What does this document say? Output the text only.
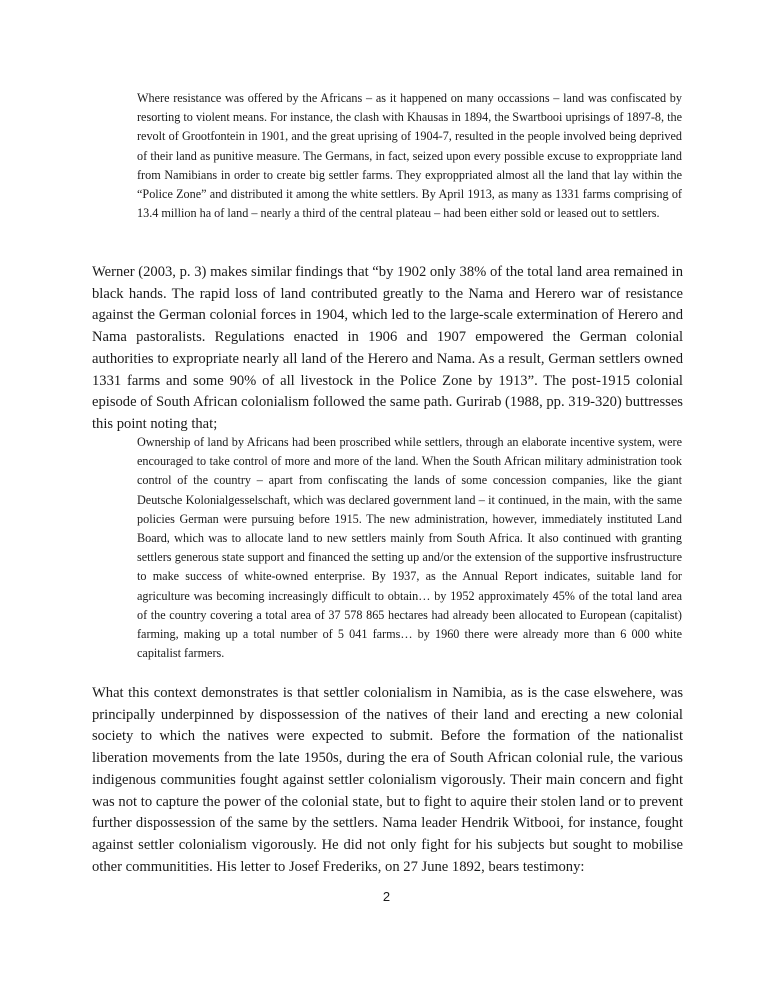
Where resistance was offered by the Africans – as it happened on many occassions – land was confiscated by resorting to violent means. For instance, the clash with Khausas in 1894, the Swartbooi uprisings of 1897-8, the revolt of Grootfontein in 1901, and the great uprising of 1904-7, resulted in the people involved being deprived of their land as punitive measure. The Germans, in fact, seized upon every possible excuse to exproppriate land from Namibians in order to create big settler farms. They exproppriated almost all the land that lay within the “Police Zone” and distributed it among the white settlers. By April 1913, as many as 1331 farms comprising of 13.4 million ha of land – nearly a third of the central plateau – had been either sold or leased out to settlers.

Werner (2003, p. 3) makes similar findings that “by 1902 only 38% of the total land area remained in black hands. The rapid loss of land contributed greatly to the Nama and Herero war of resistance against the German colonial forces in 1904, which led to the large-scale extermination of Herero and Nama pastoralists. Regulations enacted in 1906 and 1907 empowered the German colonial authorities to expropriate nearly all land of the Herero and Nama. As a result, German settlers owned 1331 farms and some 90% of all livestock in the Police Zone by 1913”. The post-1915 colonial episode of South African colonialism followed the same path. Gurirab (1988, pp. 319-320) buttresses this point noting that;

Ownership of land by Africans had been proscribed while settlers, through an elaborate incentive system, were encouraged to take control of more and more of the land. When the South African military administration took control of the country – apart from confiscating the lands of some concession companies, like the giant Deutsche Kolonialgesselschaft, which was declared government land – it continued, in the main, with the same policies German were pursuing before 1915. The new administration, however, immediately instituted Land Board, which was to allocate land to new settlers mainly from South Africa. It also continued with granting settlers generous state support and financed the setting up and/or the extension of the supportive insfrustructure to make success of white-owned enterprise. By 1937, as the Annual Report indicates, suitable land for agriculture was becoming increasingly difficult to obtain… by 1952 approximately 45% of the total land area of the country covering a total area of 37 578 865 hectares had already been allocated to European (capitalist) farming, making up a total number of 5 041 farms… by 1960 there were already more than 6 000 white capitalist farmers.

What this context demonstrates is that settler colonialism in Namibia, as is the case elswehere, was principally underpinned by dispossession of the natives of their land and erecting a new colonial society to which the natives were expected to submit. Before the formation of the nationalist liberation movements from the late 1950s, during the era of South African colonial rule, the various indigenous communities fought against settler colonialism vigorously. Their main concern and fight was not to capture the power of the colonial state, but to fight to aquire their stolen land or to prevent further dispossession of the same by the settlers. Nama leader Hendrik Witbooi, for instance, fought against settler colonialism vigorously. He did not only fight for his subjects but sought to mobilise other communitities. His letter to Josef Frederiks, on 27 June 1892, bears testimony:

2
